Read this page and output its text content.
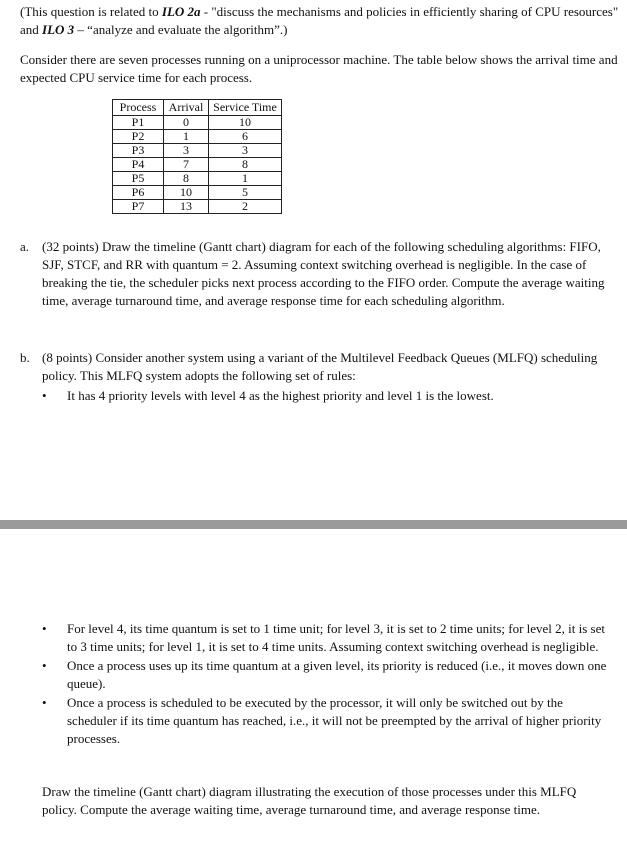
(This question is related to ILO 2a - "discuss the mechanisms and policies in efficiently sharing of CPU resources" and ILO 3 – “analyze and evaluate the algorithm”.)
Consider there are seven processes running on a uniprocessor machine. The table below shows the arrival time and expected CPU service time for each process.
Process	Arrival	Service Time
P1	0	10
P2	1	6
P3	3	3
P4	7	8
P5	8	1
P6	10	5
P7	13	2
a. (32 points) Draw the timeline (Gantt chart) diagram for each of the following scheduling algorithms: FIFO, SJF, STCF, and RR with quantum = 2. Assuming context switching overhead is negligible. In the case of breaking the tie, the scheduler picks next process according to the FIFO order. Compute the average waiting time, average turnaround time, and average response time for each scheduling algorithm.
b. (8 points) Consider another system using a variant of the Multilevel Feedback Queues (MLFQ) scheduling policy. This MLFQ system adopts the following set of rules:
• It has 4 priority levels with level 4 as the highest priority and level 1 is the lowest.
• For level 4, its time quantum is set to 1 time unit; for level 3, it is set to 2 time units; for level 2, it is set to 3 time units; for level 1, it is set to 4 time units. Assuming context switching overhead is negligible.
• Once a process uses up its time quantum at a given level, its priority is reduced (i.e., it moves down one queue).
• Once a process is scheduled to be executed by the processor, it will only be switched out by the scheduler if its time quantum has reached, i.e., it will not be preempted by the arrival of higher priority processes.
Draw the timeline (Gantt chart) diagram illustrating the execution of those processes under this MLFQ policy. Compute the average waiting time, average turnaround time, and average response time.
